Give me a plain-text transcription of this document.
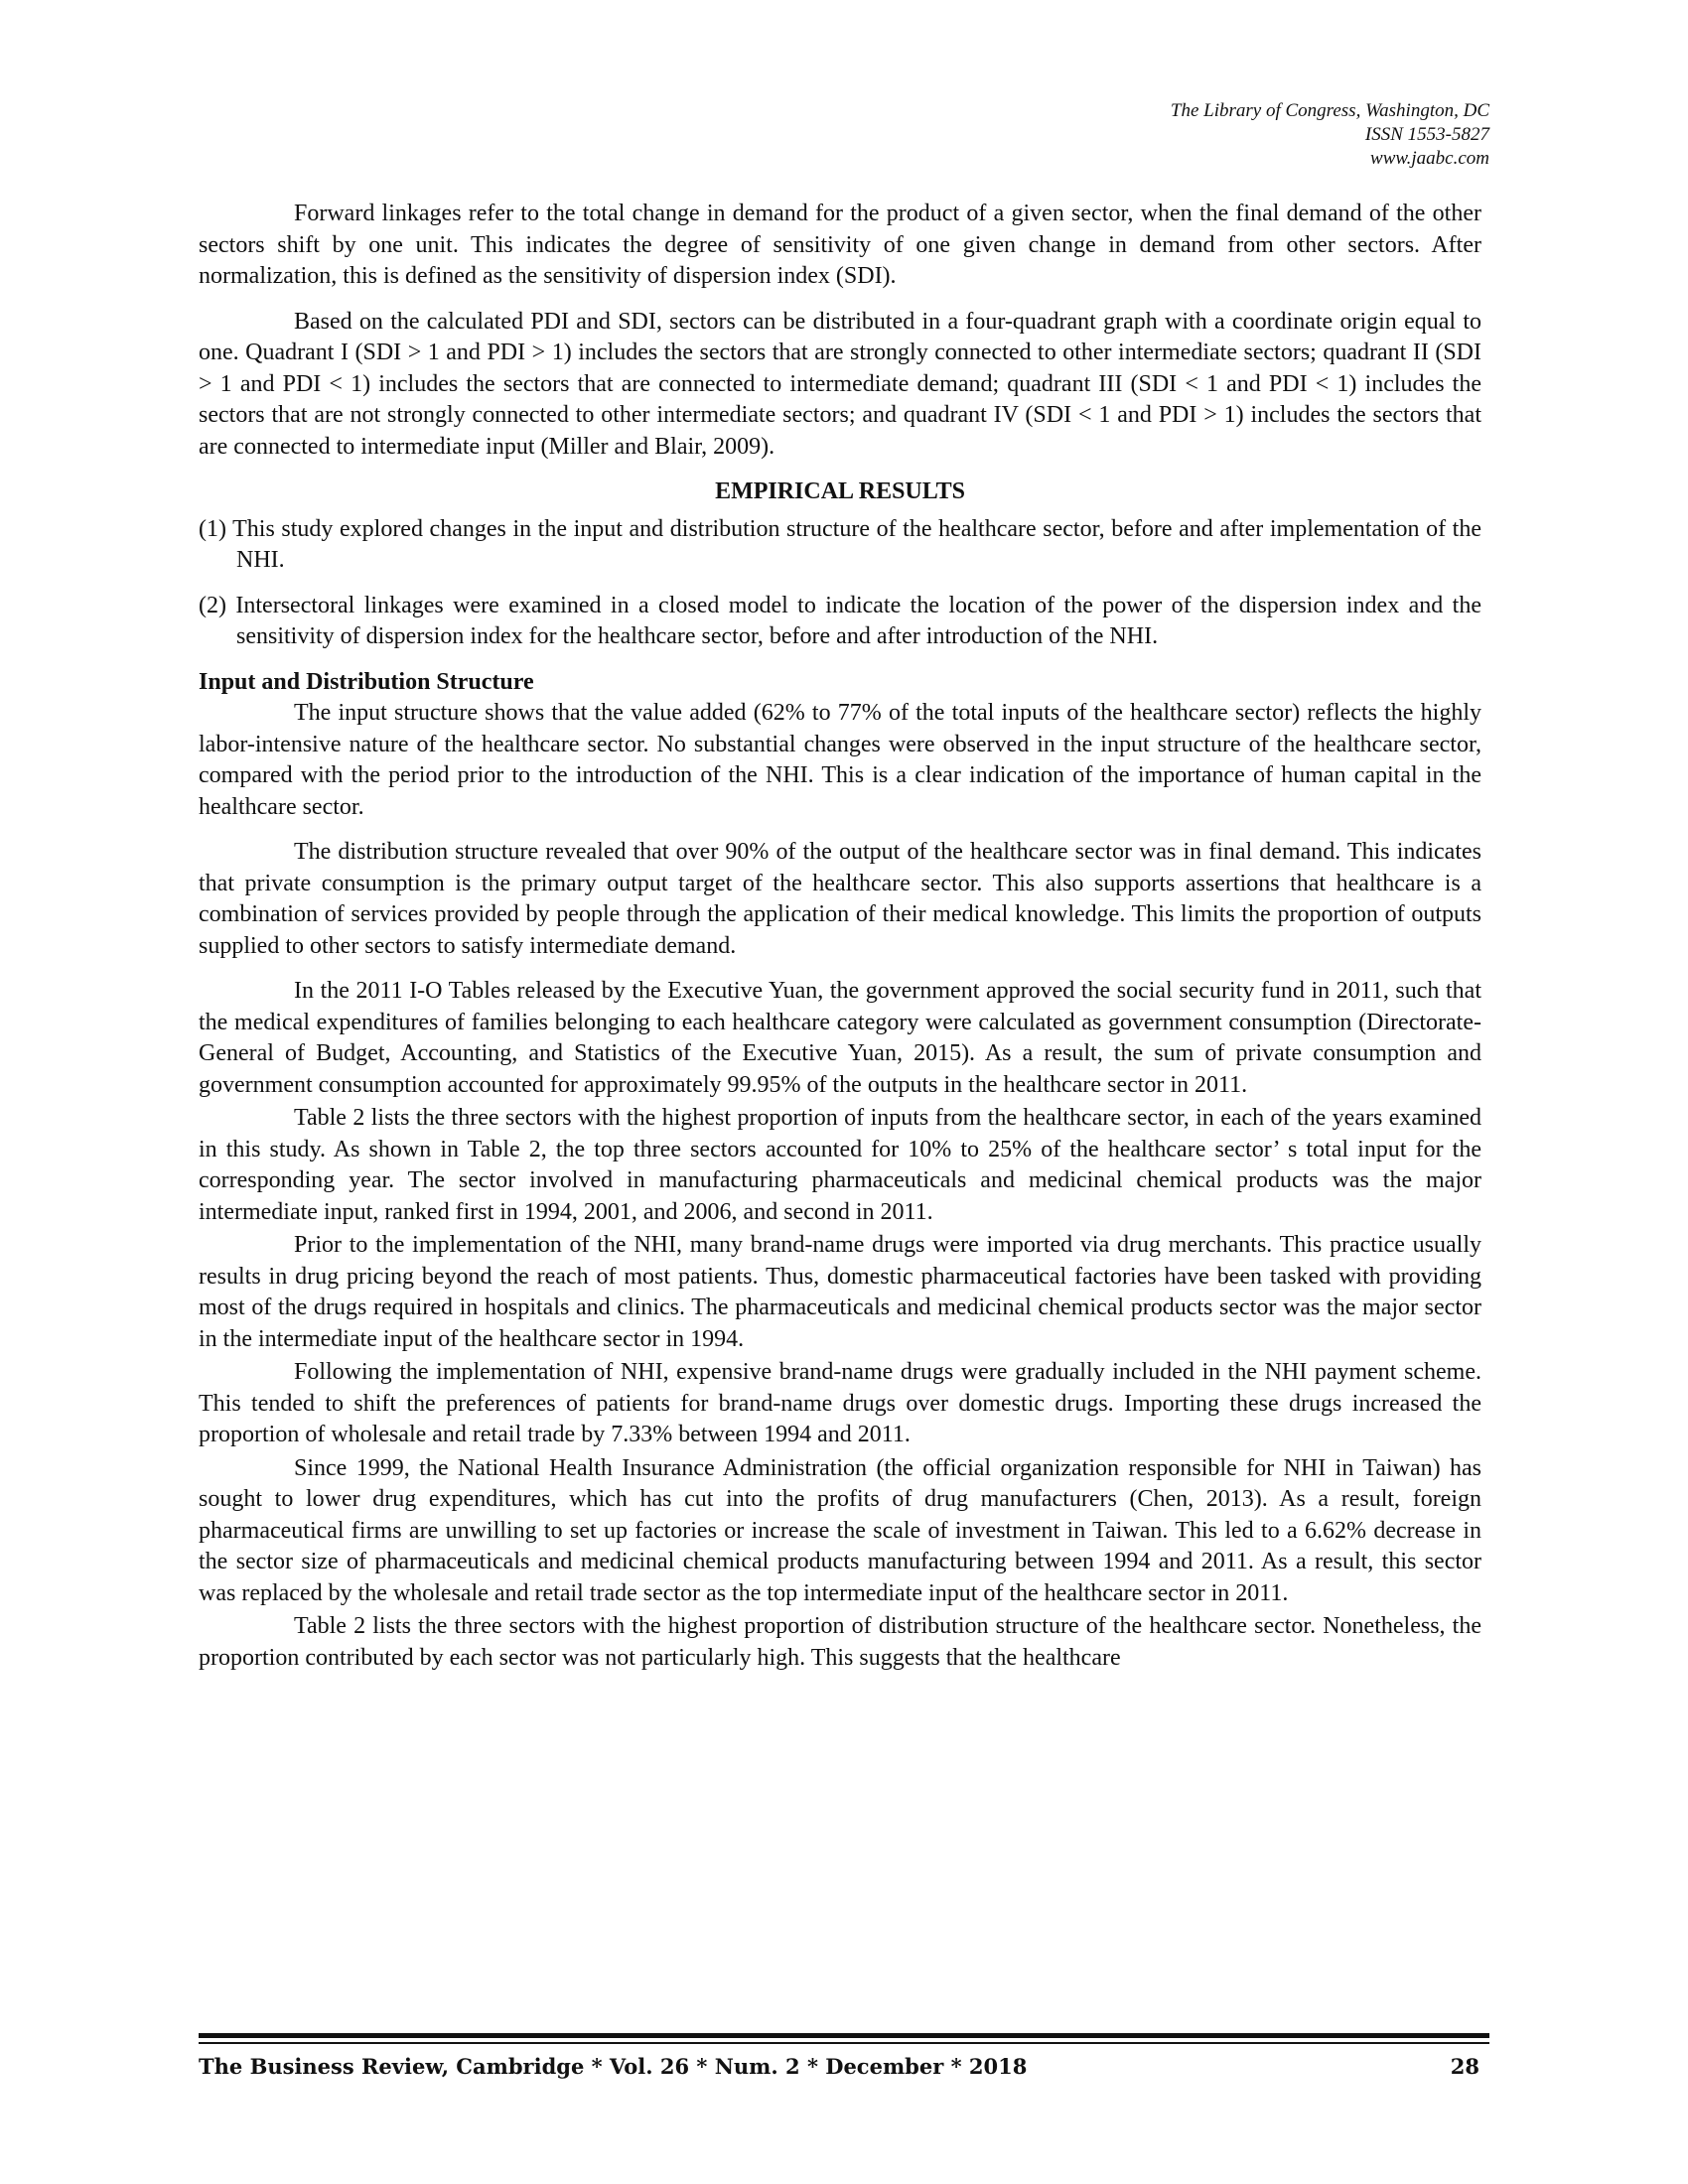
The Library of Congress, Washington, DC
ISSN 1553-5827
www.jaabc.com

Forward linkages refer to the total change in demand for the product of a given sector, when the final demand of the other sectors shift by one unit. This indicates the degree of sensitivity of one given change in demand from other sectors. After normalization, this is defined as the sensitivity of dispersion index (SDI).

Based on the calculated PDI and SDI, sectors can be distributed in a four-quadrant graph with a coordinate origin equal to one. Quadrant I (SDI > 1 and PDI > 1) includes the sectors that are strongly connected to other intermediate sectors; quadrant II (SDI > 1 and PDI < 1) includes the sectors that are connected to intermediate demand; quadrant III (SDI < 1 and PDI < 1) includes the sectors that are not strongly connected to other intermediate sectors; and quadrant IV (SDI < 1 and PDI > 1) includes the sectors that are connected to intermediate input (Miller and Blair, 2009).

EMPIRICAL RESULTS
(1) This study explored changes in the input and distribution structure of the healthcare sector, before and after implementation of the NHI.
(2) Intersectoral linkages were examined in a closed model to indicate the location of the power of the dispersion index and the sensitivity of dispersion index for the healthcare sector, before and after introduction of the NHI.
Input and Distribution Structure

The input structure shows that the value added (62% to 77% of the total inputs of the healthcare sector) reflects the highly labor-intensive nature of the healthcare sector. No substantial changes were observed in the input structure of the healthcare sector, compared with the period prior to the introduction of the NHI. This is a clear indication of the importance of human capital in the healthcare sector.

The distribution structure revealed that over 90% of the output of the healthcare sector was in final demand. This indicates that private consumption is the primary output target of the healthcare sector. This also supports assertions that healthcare is a combination of services provided by people through the application of their medical knowledge. This limits the proportion of outputs supplied to other sectors to satisfy intermediate demand.

In the 2011 I-O Tables released by the Executive Yuan, the government approved the social security fund in 2011, such that the medical expenditures of families belonging to each healthcare category were calculated as government consumption (Directorate-General of Budget, Accounting, and Statistics of the Executive Yuan, 2015). As a result, the sum of private consumption and government consumption accounted for approximately 99.95% of the outputs in the healthcare sector in 2011.

Table 2 lists the three sectors with the highest proportion of inputs from the healthcare sector, in each of the years examined in this study. As shown in Table 2, the top three sectors accounted for 10% to 25% of the healthcare sector’ s total input for the corresponding year. The sector involved in manufacturing pharmaceuticals and medicinal chemical products was the major intermediate input, ranked first in 1994, 2001, and 2006, and second in 2011.

Prior to the implementation of the NHI, many brand-name drugs were imported via drug merchants. This practice usually results in drug pricing beyond the reach of most patients. Thus, domestic pharmaceutical factories have been tasked with providing most of the drugs required in hospitals and clinics. The pharmaceuticals and medicinal chemical products sector was the major sector in the intermediate input of the healthcare sector in 1994.

Following the implementation of NHI, expensive brand-name drugs were gradually included in the NHI payment scheme. This tended to shift the preferences of patients for brand-name drugs over domestic drugs. Importing these drugs increased the proportion of wholesale and retail trade by 7.33% between 1994 and 2011.

Since 1999, the National Health Insurance Administration (the official organization responsible for NHI in Taiwan) has sought to lower drug expenditures, which has cut into the profits of drug manufacturers (Chen, 2013). As a result, foreign pharmaceutical firms are unwilling to set up factories or increase the scale of investment in Taiwan. This led to a 6.62% decrease in the sector size of pharmaceuticals and medicinal chemical products manufacturing between 1994 and 2011. As a result, this sector was replaced by the wholesale and retail trade sector as the top intermediate input of the healthcare sector in 2011.

Table 2 lists the three sectors with the highest proportion of distribution structure of the healthcare sector. Nonetheless, the proportion contributed by each sector was not particularly high. This suggests that the healthcare

The Business Review, Cambridge * Vol. 26 * Num. 2 * December * 2018	28
